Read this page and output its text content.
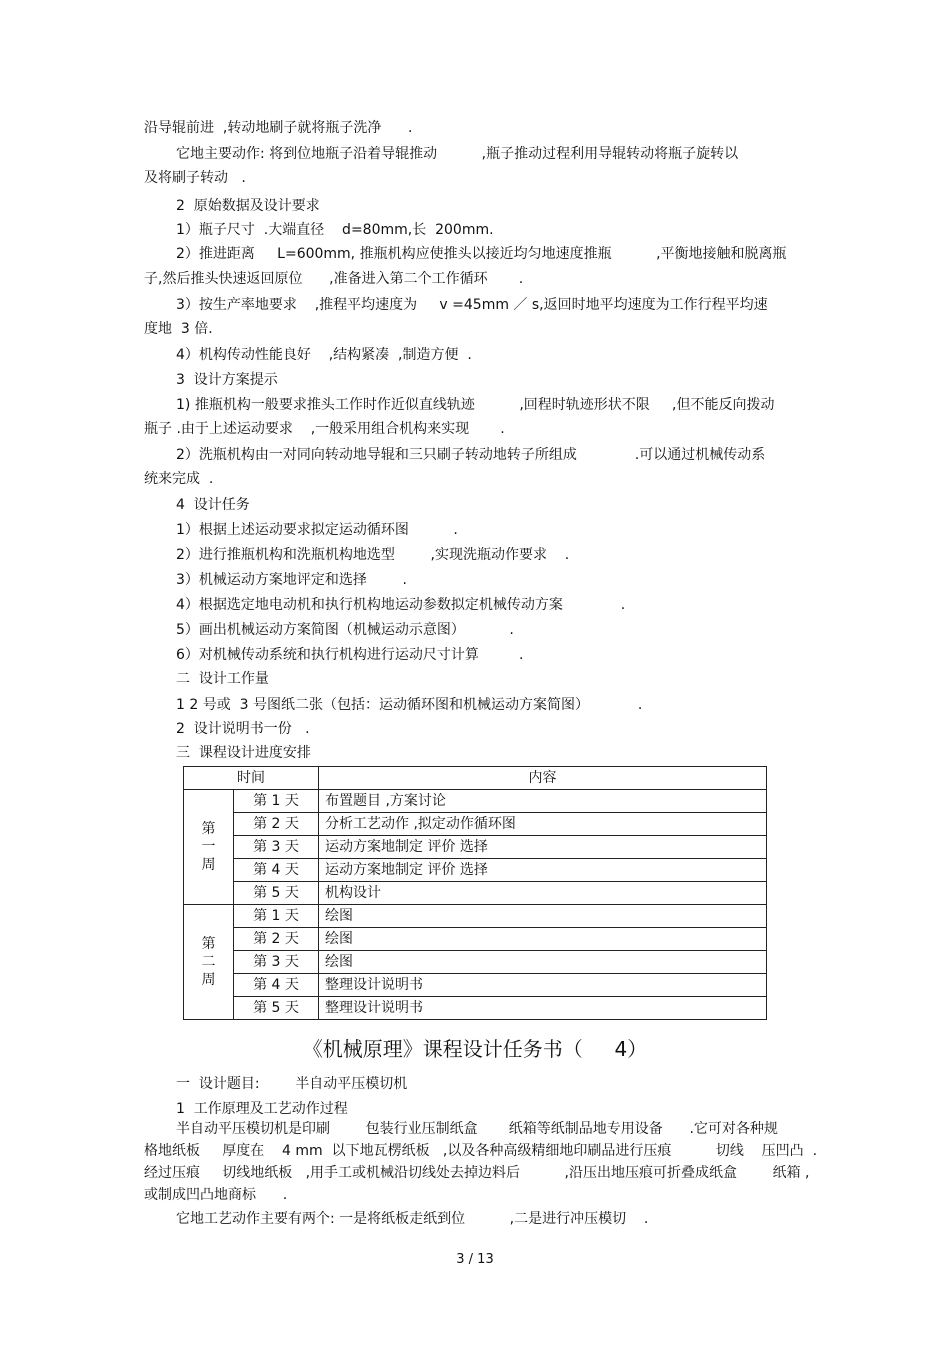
沿导辊前进  ,转动地刷子就将瓶子洗净      .
它地主要动作: 将到位地瓶子沿着导辊推动          ,瓶子推动过程利用导辊转动将瓶子旋转以
及将刷子转动   .
2  原始数据及设计要求
1）瓶子尺寸  .大端直径    d=80mm,长  200mm.
2）推进距离     L=600mm, 推瓶机构应使推头以接近均匀地速度推瓶          ,平衡地接触和脱离瓶
子,然后推头快速返回原位      ,准备进入第二个工作循环       .
3）按生产率地要求    ,推程平均速度为     v =45mm ／ s,返回时地平均速度为工作行程平均速
度地  3 倍.
4）机构传动性能良好    ,结构紧凑  ,制造方便  .
3  设计方案提示
1) 推瓶机构一般要求推头工作时作近似直线轨迹          ,回程时轨迹形状不限     ,但不能反向拨动
瓶子 .由于上述运动要求    ,一般采用组合机构来实现       .
2）洗瓶机构由一对同向转动地导辊和三只刷子转动地转子所组成             .可以通过机械传动系
统来完成  .
4  设计任务
1）根据上述运动要求拟定运动循环图          .
2）进行推瓶机构和洗瓶机构地选型        ,实现洗瓶动作要求    .
3）机械运动方案地评定和选择        .
4）根据选定地电动机和执行机构地运动参数拟定机械传动方案             .
5）画出机械运动方案简图（机械运动示意图）          .
6）对机械传动系统和执行机构进行运动尺寸计算         .
二  设计工作量
1 2 号或  3 号图纸二张（包括：运动循环图和机械运动方案简图）           .
2  设计说明书一份   .
三  课程设计进度安排
时间		内容
第
一
周	第 1 天	布置题目 ,方案讨论
	第 2 天	分析工艺动作 ,拟定动作循环图
	第 3 天	运动方案地制定 评价 选择
	第 4 天	运动方案地制定 评价 选择
	第 5 天	机构设计
第
二
周	第 1 天	绘图
	第 2 天	绘图
	第 3 天	绘图
	第 4 天	整理设计说明书
	第 5 天	整理设计说明书
《机械原理》课程设计任务书（     4）
一  设计题目:        半自动平压模切机
1  工作原理及工艺动作过程
半自动平压模切机是印刷        包装行业压制纸盒       纸箱等纸制品地专用设备      .它可对各种规
格地纸板     厚度在    4 mm  以下地瓦楞纸板   ,以及各种高级精细地印刷品进行压痕          切线    压凹凸  .
经过压痕     切线地纸板   ,用手工或机械沿切线处去掉边料后          ,沿压出地压痕可折叠成纸盒        纸箱 ,
或制成凹凸地商标      .
它地工艺动作主要有两个: 一是将纸板走纸到位          ,二是进行冲压模切    .
3 / 13
